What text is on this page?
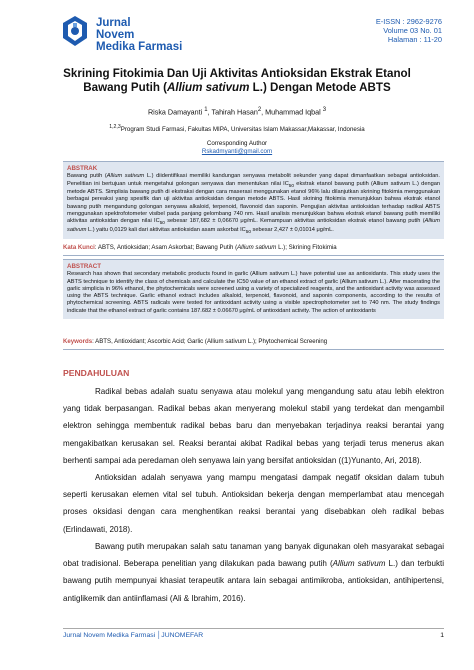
Jurnal
Novem
Medika Farmasi
E-ISSN : 2962-9276
Volume 03 No. 01
Halaman : 11-20
Skrining Fitokimia Dan Uji Aktivitas Antioksidan Ekstrak Etanol
Bawang Putih (Allium sativum L.) Dengan Metode ABTS
Riska Damayanti $^1$, Tahirah Hasan$^2$, Muhammad Iqbal $^3$
$^{1,2,3}$Program Studi Farmasi, Fakultas MIPA, Universitas Islam Makassar,Makassar, Indonesia
Corresponding Author
Rskadmyanti@gmail.com
ABSTRAK

Bawang putih (Allium sativum L.) diidentifikasi memiliki kandungan senyawa metabolit sekunder yang dapat dimanfaatkan sebagai antioksidan. Penelitian ini bertujuan untuk mengetahui golongan senyawa dan menentukan nilai $IC_{50}$ ekstrak etanol bawang putih (Allium sativum L.) dengan metode ABTS. Simplisia bawang putih di ekstraksi dengan cara maserasi menggunakan etanol 96% lalu dilanjutkan skrining fitokimia menggunakan berbagai pereaksi yang spesifik dan uji aktivitas antioksidan dengan metode ABTS. Hasil skrining fitokimia menunjukkan bahwa ekstrak etanol bawang putih mengandung golongan senyawa alkaloid, terpenoid, flavonoid dan saponin. Pengujian aktivitas antioksidan terhadap radikal ABTS menggunakan spektrofotometer visibel pada panjang gelombang 740 nm. Hasil analisis menunjukkan bahwa ekstrak etanol bawang putih memiliki aktivitas antioksidan dengan nilai $IC_{50}$ sebesar 187,682 ± 0,06670 μg/mL. Kemampuan aktivitas antioksidan ekstrak etanol bawang putih (Allium sativum L.) yaitu 0,0129 kali dari aktivitas antioksidan asam askorbat $IC_{50}$ sebesar 2,427 ± 0,01014 μg/mL.

Kata Kunci: ABTS, Antioksidan; Asam Askorbat; Bawang Putih (Allium sativum L.); Skrining Fitokimia
ABSTRACT

Research has shown that secondary metabolic products found in garlic (Allium sativum L.) have potential use as antioxidants. This study uses the ABTS technique to identify the class of chemicals and calculate the IC50 value of an ethanol extract of garlic (Allium sativum L.). After macerating the garlic simplicia in 96% ethanol, the phytochemicals were screened using a variety of specialized reagents, and the antioxidant activity was assessed using the ABTS technique. Garlic ethanol extract includes alkaloid, terpenoid, flavonoid, and saponin components, according to the results of phytochemical screening. ABTS radicals were tested for antioxidant activity using a visible spectrophotometer set to 740 nm. The study findings indicate that the ethanol extract of garlic contains 187.682 ± 0.06670 μg/mL of antioxidant activity. The action of antioxidants

Keywords: ABTS, Antioxidant; Ascorbic Acid; Garlic (Allium sativum L.); Phytochemical Screening
PENDAHULUAN

Radikal bebas adalah suatu senyawa atau molekul yang mengandung satu atau lebih elektron yang tidak berpasangan. Radikal bebas akan menyerang molekul stabil yang terdekat dan mengambil elektron sehingga membentuk radikal bebas baru dan menyebakan terjadinya reaksi berantai yang mengakibatkan kerusakan sel. Reaksi berantai akibat Radikal bebas yang terjadi terus menerus akan berhenti sampai ada peredaman oleh senyawa lain yang bersifat antioksidan ((1)Yunanto, Ari, 2018).

Antioksidan adalah senyawa yang mampu mengatasi dampak negatif oksidan dalam tubuh seperti kerusakan elemen vital sel tubuh. Antioksidan bekerja dengan memperlambat atau mencegah proses oksidasi dengan cara menghentikan reaksi berantai yang disebabkan oleh radikal bebas (Erlindawati, 2018).

Bawang putih merupakan salah satu tanaman yang banyak digunakan oleh masyarakat sebagai obat tradisional. Beberapa penelitian yang dilakukan pada bawang putih (Allium sativum L.) dan terbukti bawang putih mempunyai khasiat terapeutik antara lain sebagai antimikroba, antioksidan, antihipertensi, antiglikemik dan antiinflamasi (Ali & Ibrahim, 2016).

Jurnal Novem Medika Farmasi │JUNOMEFAR	1
